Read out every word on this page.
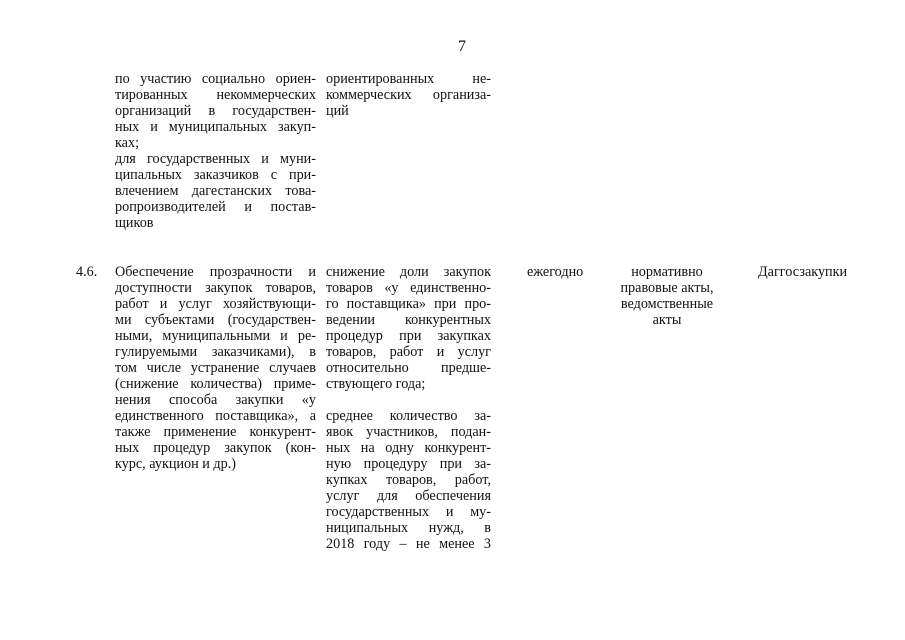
7
по участию социально ориен-
тированных некоммерческих
организаций в государствен-
ных и муниципальных закуп-
ках;
для государственных и муни-
ципальных заказчиков с при-
влечением дагестанских това-
ропроизводителей и постав-
щиков
ориентированных не-
коммерческих организа-
ций
4.6. Обеспечение прозрачности и
доступности закупок товаров,
работ и услуг хозяйствующи-
ми субъектами (государствен-
ными, муниципальными и ре-
гулируемыми заказчиками), в
том числе устранение случаев
(снижение количества) приме-
нения способа закупки «у
единственного поставщика», а
также применение конкурент-
ных процедур закупок (кон-
курс, аукцион и др.)
снижение доли закупок
товаров «у единственно-
го поставщика» при про-
ведении конкурентных
процедур при закупках
товаров, работ и услуг
относительно предше-
ствующего года;
среднее количество за-
явок участников, подан-
ных на одну конкурент-
ную процедуру при за-
купках товаров, работ,
услуг для обеспечения
государственных и му-
ниципальных нужд, в
2018 году – не менее 3
ежегодно	нормативно
правовые акты,
ведомственные
акты
Даггосзакупки
